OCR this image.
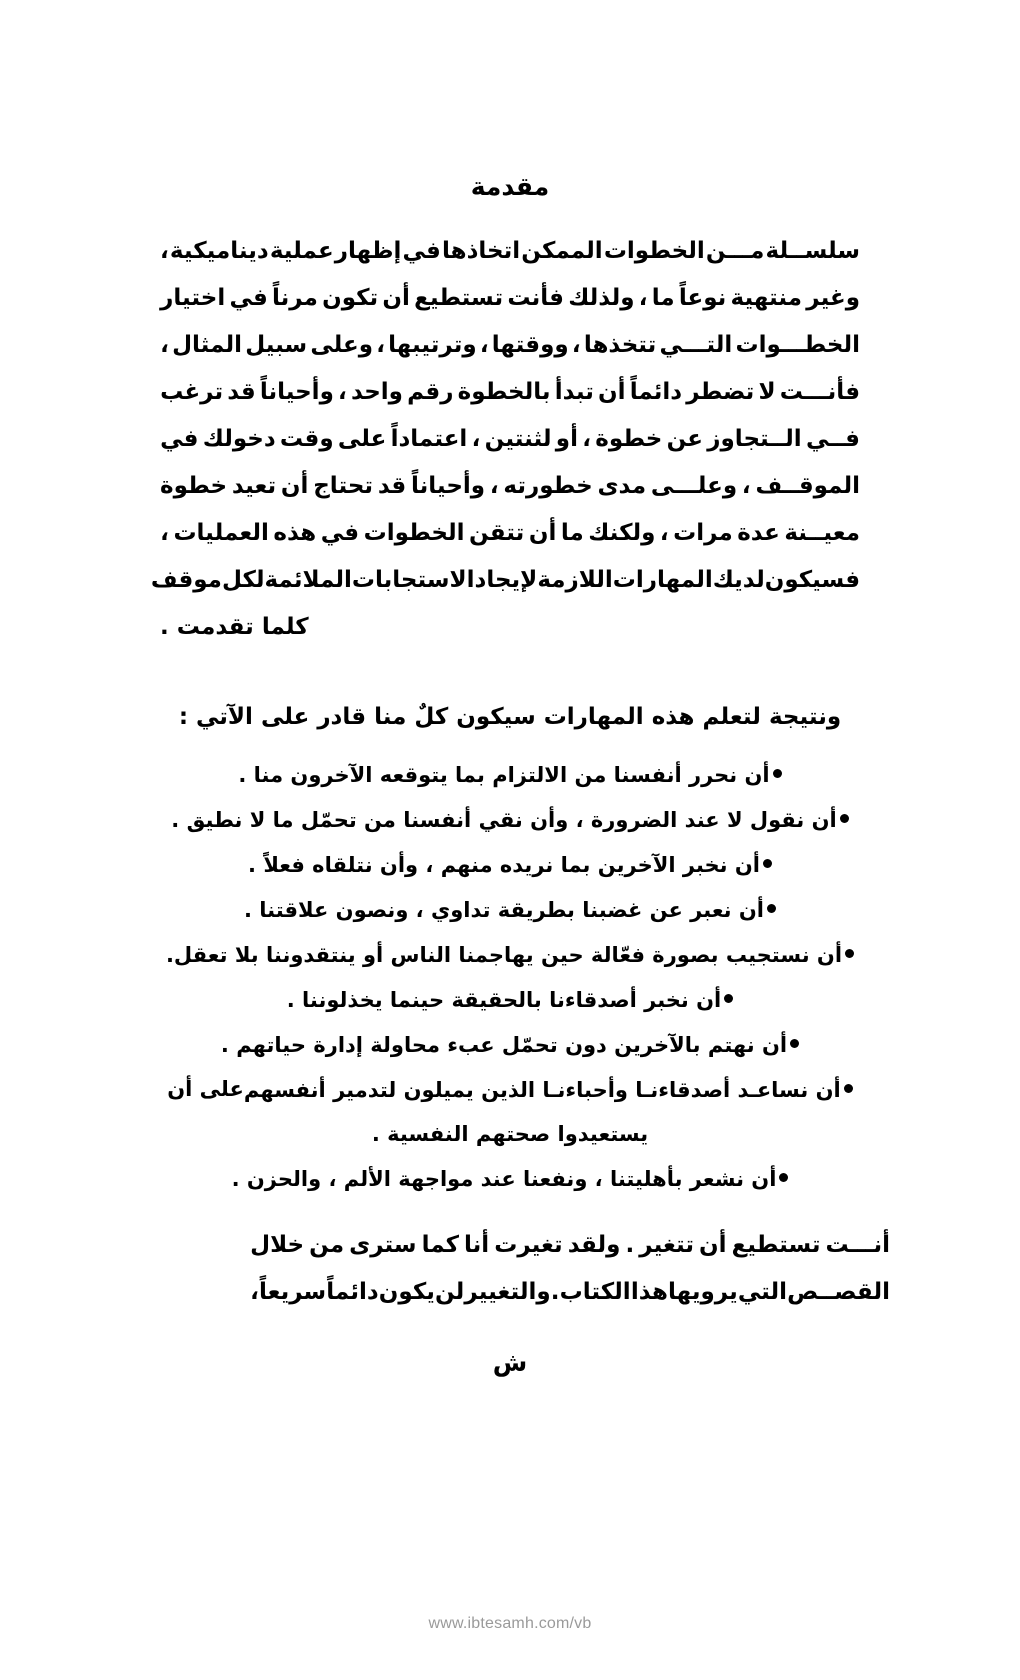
مقدمة
سلســلة
مـــن
الخطوات
الممكن
اتخاذها
في
إظهار
عملية
ديناميكية
،
وغير
منتهية
نوعاً
ما
،
ولذلك
فأنت
تستطيع
أن
تكون
مرناً
في
اختيار
الخطـــوات
التـــي
تتخذها
،
ووقتها
،
وترتيبها
،
وعلى
سبيل
المثال
،
فأنـــت
لا
تضطر
دائماً
أن
تبدأ
بالخطوة
رقم
واحد
،
وأحياناً
قد
ترغب
فــي
الــتجاوز
عن
خطوة
،
أو
لثنتين
،
اعتماداً
على
وقت
دخولك
في
الموقــف
،
وعلـــى
مدى
خطورته
،
وأحياناً
قد
تحتاج
أن
تعيد
خطوة
معيــنة
عدة
مرات
،
ولكنك
ما
أن
تتقن
الخطوات
في
هذه
العمليات
،
فسيكون
لديك
المهارات
اللازمة
لإيجاد
الاستجابات
الملائمة
لكل
موقف
كلما تقدمت .
ونتيجة لتعلم هذه المهارات سيكون كلٌ منا قادر على الآتي :
أن نحرر أنفسنا من الالتزام بما يتوقعه الآخرون منا .
أن نقول لا عند الضرورة ، وأن نقي أنفسنا من تحمّل ما لا نطيق .
أن نخبر الآخرين بما نريده منهم ، وأن نتلقاه فعلاً .
أن نعبر عن غضبنا بطريقة تداوي ، ونصون علاقتنا .
أن نستجيب بصورة فعّالة حين يهاجمنا الناس أو ينتقدوننا بلا تعقل.
أن نخبر أصدقاءنا بالحقيقة حينما يخذلوننا .
أن نهتم بالآخرين دون تحمّل عبء محاولة إدارة حياتهم .
أن نساعـد أصدقاءنـا وأحباءنـا الذين يميلون لتدمير أنفسهمعلى أن يستعيدوا صحتهم النفسية .
أن نشعر بأهليتنا ، ونفعنا عند مواجهة الألم ، والحزن .
أنـــت
تستطيع
أن
تتغير
.
ولقد
تغيرت
أنا
كما
سترى
من
خلال
القصــص
التي
يرويها
هذا
الكتاب
.
والتغيير
لن
يكون
دائماً
سريعاً
،
ش
www.ibtesamh.com/vb
